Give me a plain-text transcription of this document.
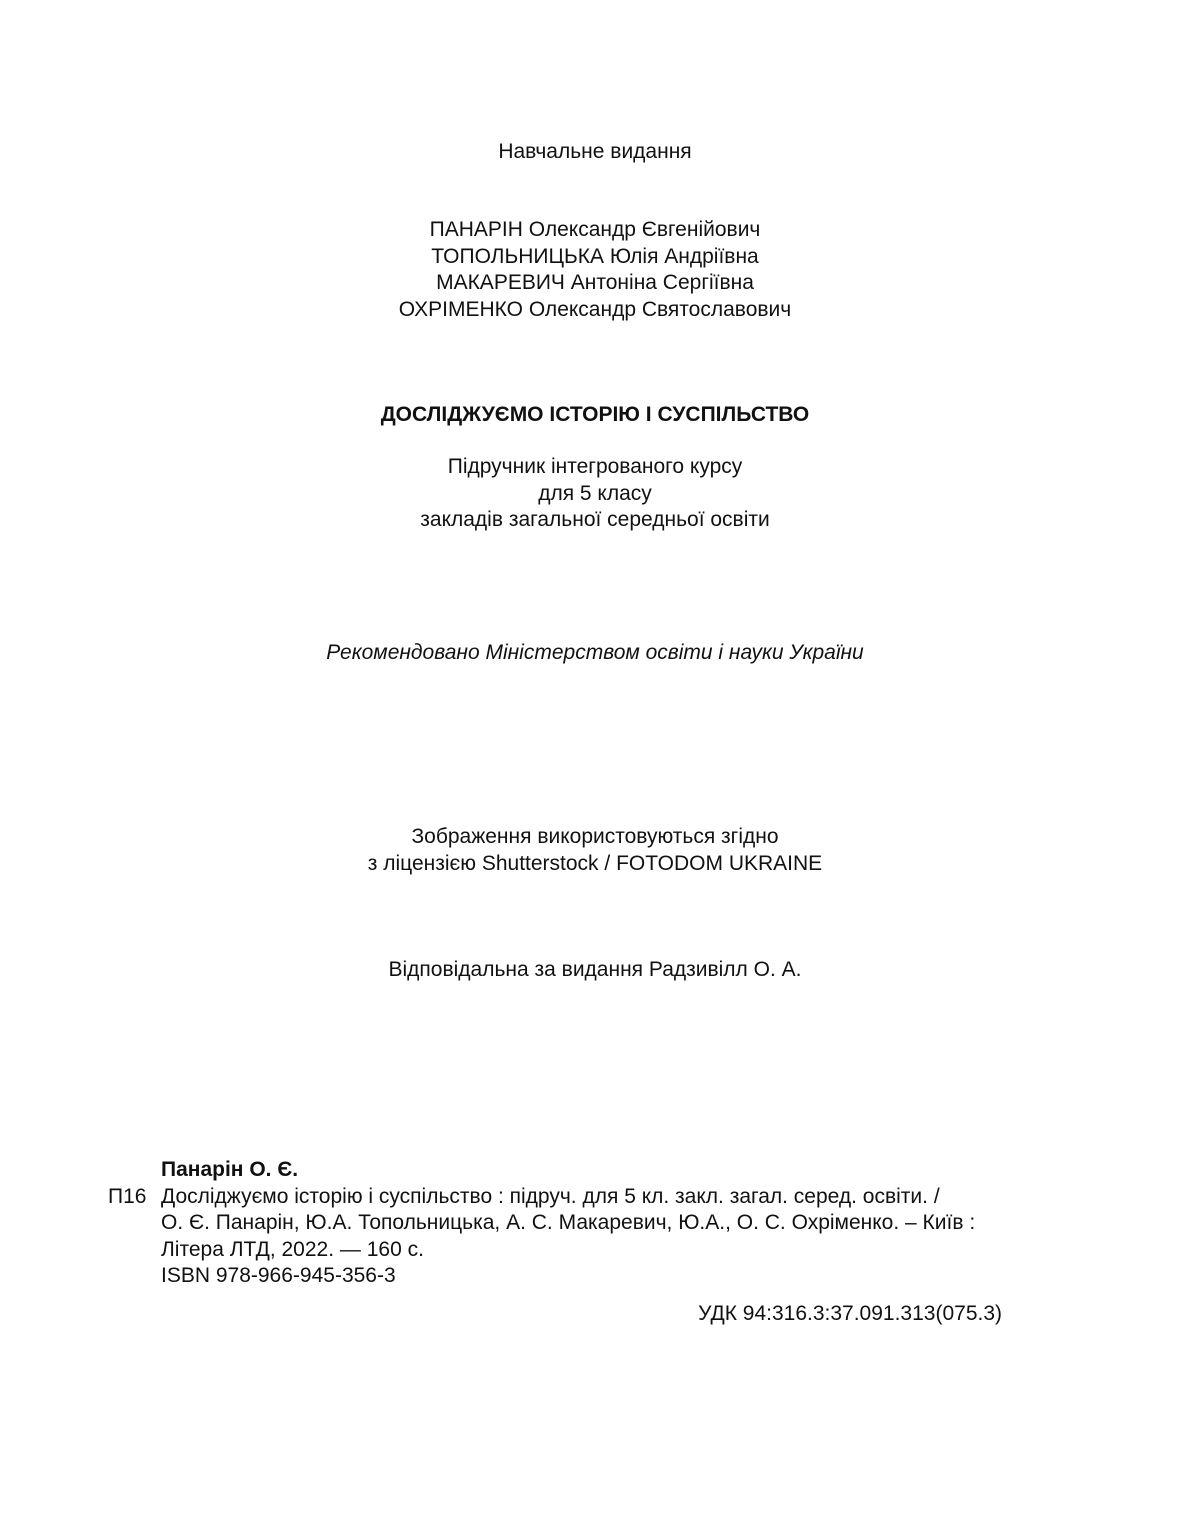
Навчальне видання
ПАНАРІН Олександр Євгенійович
ТОПОЛЬНИЦЬКА Юлія Андріївна
МАКАРЕВИЧ Антоніна Сергіївна
ОХРІМЕНКО Олександр Святославович
ДОСЛІДЖУЄМО ІСТОРІЮ І СУСПІЛЬСТВО
Підручник інтегрованого курсу
для 5 класу
закладів загальної середньої освіти
Рекомендовано Міністерством освіти і науки України
Зображення використовуються згідно
з ліцензією Shutterstock / FOTODOM UKRAINE
Відповідальна за видання Радзивілл О. А.
Панарін О. Є.
П16 Досліджуємо історію і суспільство : підруч. для 5 кл. закл. загал. серед. освіти. /
О. Є. Панарін, Ю.А. Топольницька, А. С. Макаревич, Ю.А., О. С. Охріменко. – Київ :
Літера ЛТД, 2022. — 160 с.
ISBN 978-966-945-356-3
УДК 94:316.3:37.091.313(075.3)
